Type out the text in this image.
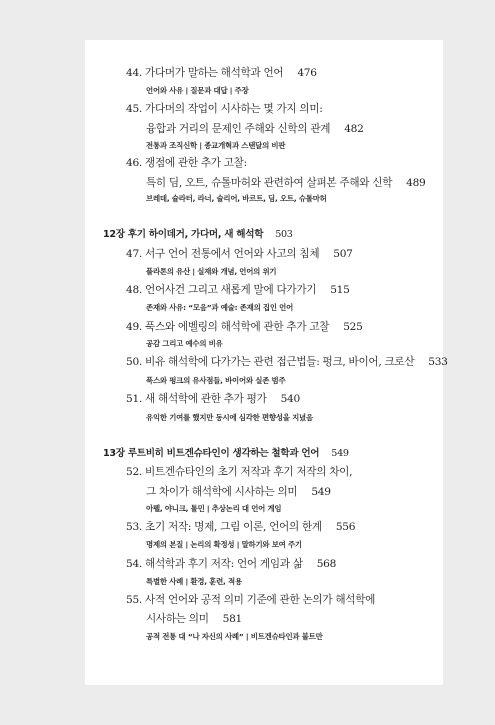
44. 가다머가 말하는 해석학과 언어 476
언어와 사유 | 질문과 대답 | 주장
45. 가다머의 작업이 시사하는 몇 가지 의미:
융합과 거리의 문제인 주해와 신학의 관계 482
전통과 조직신학 | 종교개혁과 스탠달의 비판
46. 쟁점에 관한 추가 고찰:
특히 딤, 오트, 슈톨마허와 관련하여 살펴본 주해와 신학 489
브레데, 슐라터, 라너, 슐리어, 바르트, 딤, 오트, 슈톨마허
12장 후기 하이데거, 가다머, 새 해석학 503
47. 서구 언어 전통에서 언어와 사고의 침체 507
플라톤의 유산 | 실재와 개념, 언어의 위기
48. 언어사건 그리고 새롭게 말에 다가가기 515
존재와 사유: “모음”과 예술: 존재의 집인 언어
49. 푹스와 에벨링의 해석학에 관한 추가 고찰 525
공감 그리고 예수의 비유
50. 비유 해석학에 다가가는 관련 접근법들: 펑크, 바이어, 크로산 533
푹스와 펑크의 유사점들, 바이어와 실존 범주
51. 새 해석학에 관한 추가 평가 540
유익한 기여를 했지만 동시에 심각한 편향성을 지녔음
13장 루트비히 비트겐슈타인이 생각하는 철학과 언어 549
52. 비트겐슈타인의 초기 저작과 후기 저작의 차이,
그 차이가 해석학에 시사하는 의미 549
아펠, 야니크, 툴민 | 추상논리 대 언어 게임
53. 초기 저작: 명제, 그림 이론, 언어의 한계 556
명제의 본질 | 논리의 확정성 | 말하기와 보여 주기
54. 해석학과 후기 저작: 언어 게임과 삶 568
특별한 사례 | 환경, 훈련, 적용
55. 사적 언어와 공적 의미 기준에 관한 논의가 해석학에
시사하는 의미 581
공적 전통 대 “나 자신의 사례” | 비트겐슈타인과 불트만
